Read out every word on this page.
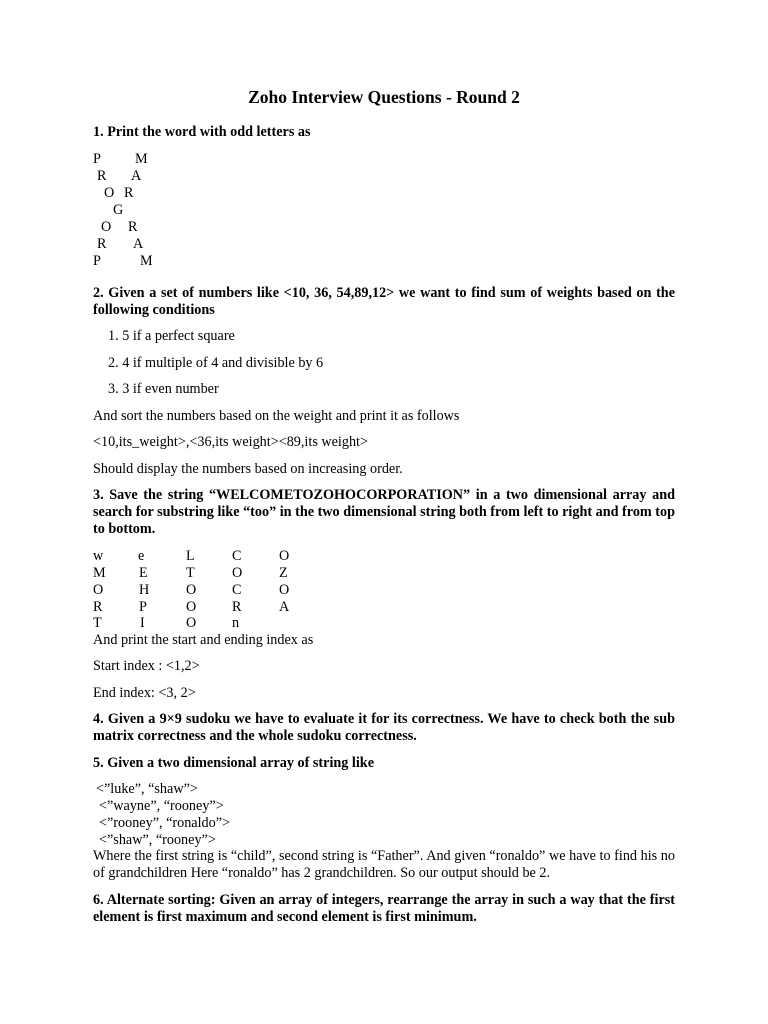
Zoho Interview Questions - Round 2
1. Print the word with odd letters as
P M
R A
O R
G
O R
R A
P	M
2. Given a set of numbers like <10, 36, 54,89,12> we want to find sum of weights based on the following conditions
1. 5 if a perfect square
2. 4 if multiple of 4 and divisible by 6
3. 3 if even number
And sort the numbers based on the weight and print it as follows
<10,its_weight>,<36,its weight><89,its weight>
Should display the numbers based on increasing order.
3. Save the string “WELCOMETOZOHOCORPORATION” in a two dimensional array and search for substring like “too” in the two dimensional string both from left to right and from top to bottom.
w e	L	C	O
M E	T	O	Z
O	H	O	C	O
R	P	O	R	A
T	I	O	n
And print the start and ending index as
Start index : <1,2>
End index: <3, 2>
4. Given a 9×9 sudoku we have to evaluate it for its correctness. We have to check both the sub matrix correctness and the whole sudoku correctness.
5. Given a two dimensional array of string like
<”luke”, “shaw”>
<”wayne”, “rooney”>
<”rooney”, “ronaldo”>
<”shaw”, “rooney”>
Where the first string is “child”, second string is “Father”. And given “ronaldo” we have to find his no of grandchildren Here “ronaldo” has 2 grandchildren. So our output should be 2.
6. Alternate sorting: Given an array of integers, rearrange the array in such a way that the first element is first maximum and second element is first minimum.
